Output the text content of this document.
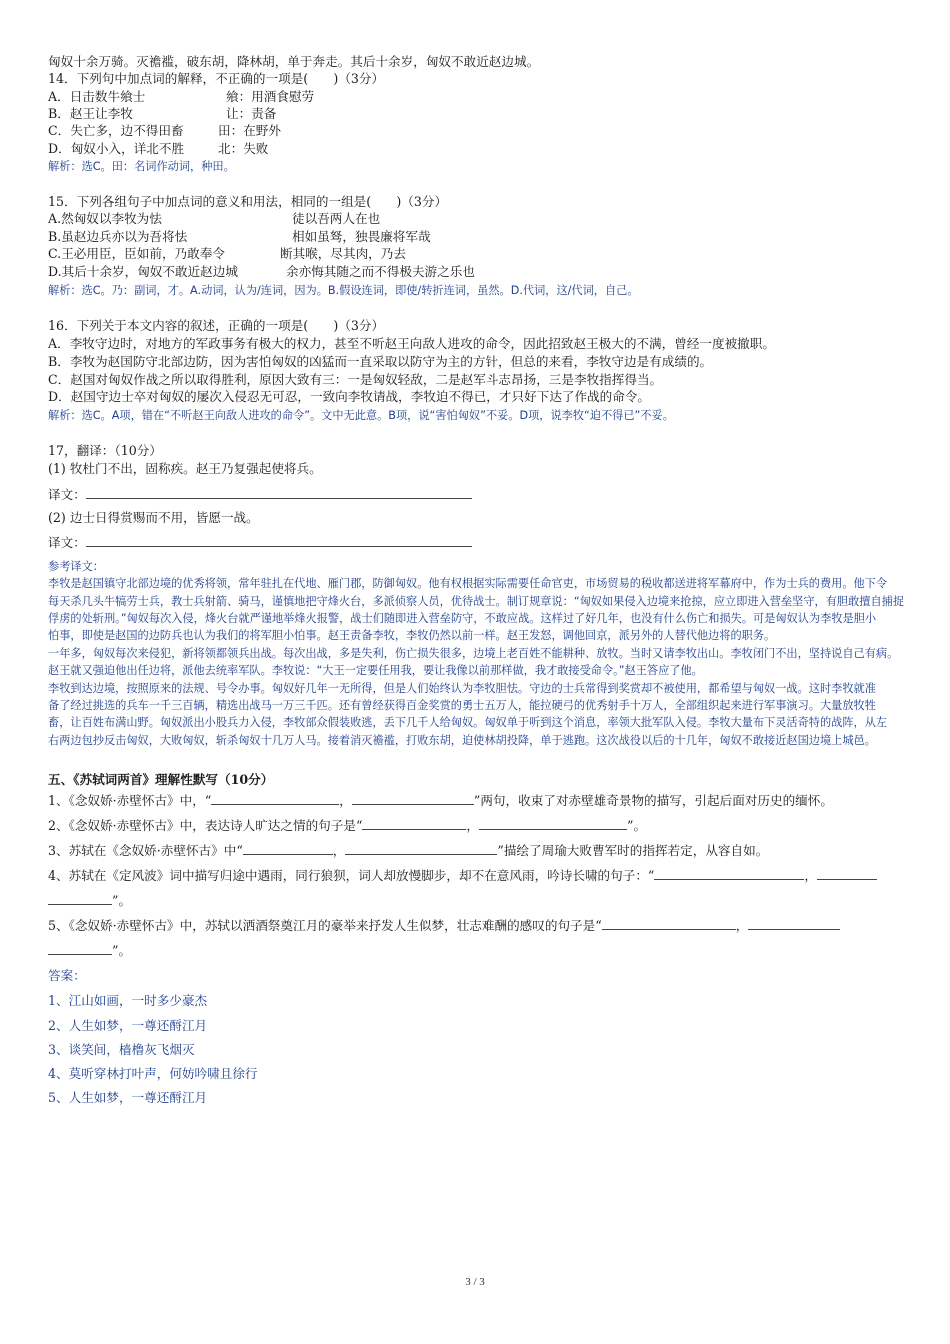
匈奴十余万骑。灭襜褴，破东胡，降林胡，单于奔走。其后十余岁，匈奴不敢近赵边城。
14．下列句中加点词的解释，不正确的一项是(　　)（3分）
A．日击数牛飨士	飨：用酒食慰劳
B．赵王让李牧	让：责备
C．失亡多，边不得田畜	田：在野外
D．匈奴小入，详北不胜	北：失败
解析：选C。田：名词作动词，种田。
15．下列各组句子中加点词的意义和用法，相同的一组是(　　)（3分）
A.然匈奴以李牧为怯	徒以吾两人在也
B.虽赵边兵亦以为吾将怯	相如虽驽，独畏廉将军哉
C.王必用臣，臣如前，乃敢奉令	断其喉，尽其肉，乃去
D.其后十余岁，匈奴不敢近赵边城	余亦悔其随之而不得极夫游之乐也
解析：选C。乃：副词，才。A.动词，认为/连词，因为。B.假设连词，即使/转折连词，虽然。D.代词，这/代词，自己。
16．下列关于本文内容的叙述，正确的一项是(　　)（3分）
A．李牧守边时，对地方的军政事务有极大的权力，甚至不听赵王向敌人进攻的命令，因此招致赵王极大的不满，曾经一度被撤职。
B．李牧为赵国防守北部边防，因为害怕匈奴的凶猛而一直采取以防守为主的方针，但总的来看，李牧守边是有成绩的。
C．赵国对匈奴作战之所以取得胜利，原因大致有三：一是匈奴轻敌，二是赵军斗志昂扬，三是李牧指挥得当。
D．赵国守边士卒对匈奴的屡次入侵忍无可忍，一致向李牧请战，李牧迫不得已，才只好下达了作战的命令。
解析：选C。A项，错在“不听赵王向敌人进攻的命令”。文中无此意。B项，说“害怕匈奴”不妥。D项，说李牧“迫不得已”不妥。
17，翻译：（10分）
(1) 牧杜门不出，固称疾。赵王乃复强起使将兵。
译文：
(2) 边士日得赏赐而不用，皆愿一战。
译文：
参考译文：
李牧是赵国镇守北部边境的优秀将领，常年驻扎在代地、雁门郡，防御匈奴。他有权根据实际需要任命官吏，市场贸易的税收都送进将军幕府中，作为士兵的费用。他下令
每天杀几头牛犒劳士兵，教士兵射箭、骑马，谨慎地把守烽火台，多派侦察人员，优待战士。制订规章说：“匈奴如果侵入边境来抢掠，应立即进入营垒坚守，有胆敢擅自捕捉
俘虏的处斩刑。”匈奴每次入侵，烽火台就严谨地举烽火报警，战士们随即进入营垒防守，不敢应战。这样过了好几年，也没有什么伤亡和损失。可是匈奴认为李牧是胆小
怕事，即使是赵国的边防兵也认为我们的将军胆小怕事。赵王责备李牧，李牧仍然以前一样。赵王发怒，调他回京，派另外的人替代他边将的职务。
一年多，匈奴每次来侵犯，新将领都领兵出战。每次出战，多是失利，伤亡损失很多，边境上老百姓不能耕种、放牧。当时又请李牧出山。李牧闭门不出，坚持说自己有病。
赵王就又强迫他出任边将，派他去统率军队。李牧说：“大王一定要任用我，要让我像以前那样做，我才敢接受命令。”赵王答应了他。
李牧到达边境，按照原来的法规、号令办事。匈奴好几年一无所得，但是人们始终认为李牧胆怯。守边的士兵常得到奖赏却不被使用，都希望与匈奴一战。这时李牧就准
备了经过挑选的兵车一千三百辆，精选出战马一万三千匹。还有曾经获得百金奖赏的勇士五万人，能拉硬弓的优秀射手十万人，全部组织起来进行军事演习。大量放牧牲
畜，让百姓布满山野。匈奴派出小股兵力入侵，李牧部众假装败逃，丢下几千人给匈奴。匈奴单于听到这个消息，率领大批军队入侵。李牧大量布下灵活奇特的战阵，从左
右两边包抄反击匈奴，大败匈奴，斩杀匈奴十几万人马。接着消灭襜褴，打败东胡，迫使林胡投降，单于逃跑。这次战役以后的十几年，匈奴不敢接近赵国边境上城邑。
五、《苏轼词两首》理解性默写（10分）
1、《念奴娇·赤壁怀古》中，“	，	”两句，收束了对赤壁雄奇景物的描写，引起后面对历史的缅怀。
2、《念奴娇·赤壁怀古》中，表达诗人旷达之情的句子是“	，	”。
3、苏轼在《念奴娇·赤壁怀古》中“	，	”描绘了周瑜大败曹军时的指挥若定，从容自如。
4、苏轼在《定风波》词中描写归途中遇雨，同行狼狈，词人却放慢脚步，却不在意风雨，吟诗长啸的句子：“	，
”。
5、《念奴娇·赤壁怀古》中，苏轼以洒酒祭奠江月的豪举来抒发人生似梦，壮志难酬的感叹的句子是“	，
”。
答案：
1、江山如画，一时多少豪杰
2、人生如梦，一尊还酹江月
3、谈笑间，樯橹灰飞烟灭
4、莫听穿林打叶声，何妨吟啸且徐行
5、人生如梦，一尊还酹江月
3 / 3
